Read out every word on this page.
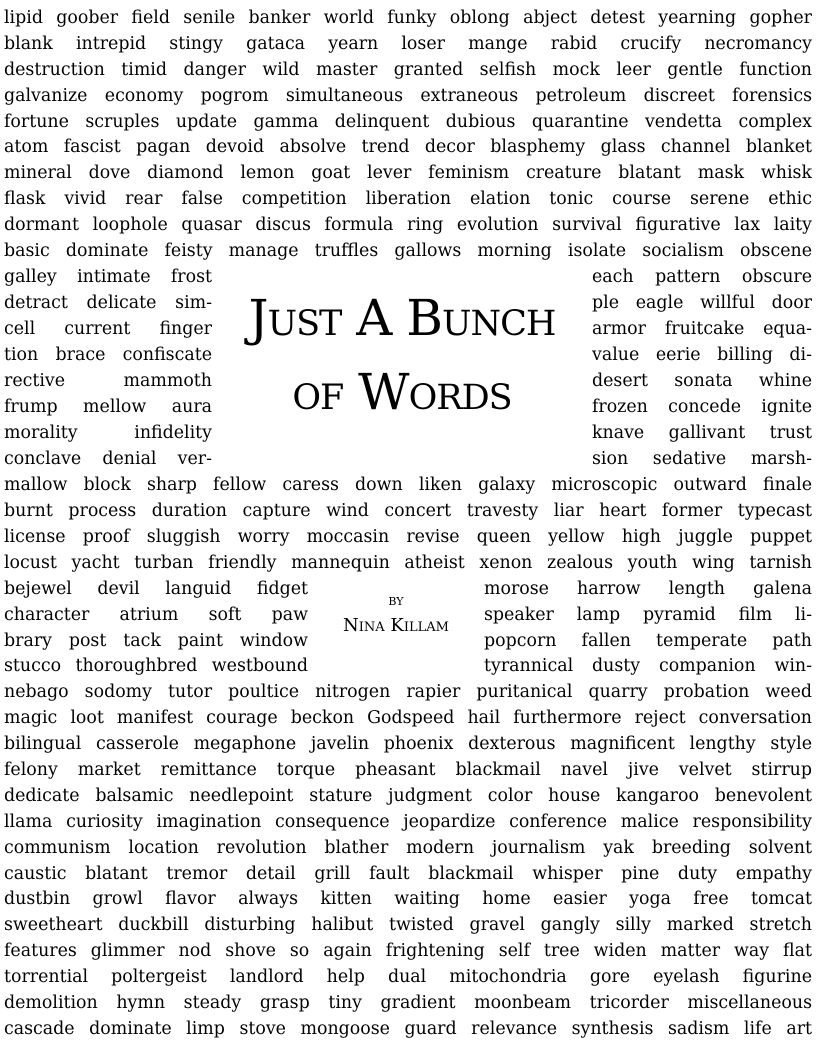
lipid goober field senile banker world funky oblong abject detest yearning gopher
blank intrepid stingy gataca yearn loser mange rabid crucify necromancy
destruction timid danger wild master granted selfish mock leer gentle function
galvanize economy pogrom simultaneous extraneous petroleum discreet forensics
fortune scruples update gamma delinquent dubious quarantine vendetta complex
atom fascist pagan devoid absolve trend decor blasphemy glass channel blanket
mineral dove diamond lemon goat lever feminism creature blatant mask whisk
flask vivid rear false competition liberation elation tonic course serene ethic
dormant loophole quasar discus formula ring evolution survival figurative lax laity
basic dominate feisty manage truffles gallows morning isolate socialism obscene
galley intimate frost
detract delicate sim-
cell current finger
tion brace confiscate
rective mammoth
frump mellow aura
morality infidelity
conclave denial ver-
each pattern obscure
ple eagle willful door
armor fruitcake equa-
value eerie billing di-
desert sonata whine
frozen concede ignite
knave gallivant trust
sion sedative marsh-
Just A Bunch
of Words
mallow block sharp fellow caress down liken galaxy microscopic outward finale
burnt process duration capture wind concert travesty liar heart former typecast
license proof sluggish worry moccasin revise queen yellow high juggle puppet
locust yacht turban friendly mannequin atheist xenon zealous youth wing tarnish
bejewel devil languid fidget
character atrium soft paw
brary post tack paint window
stucco thoroughbred westbound
morose harrow length galena
speaker lamp pyramid film li-
popcorn fallen temperate path
tyrannical dusty companion win-
by
Nina Killam
nebago sodomy tutor poultice nitrogen rapier puritanical quarry probation weed
magic loot manifest courage beckon Godspeed hail furthermore reject conversation
bilingual casserole megaphone javelin phoenix dexterous magnificent lengthy style
felony market remittance torque pheasant blackmail navel jive velvet stirrup
dedicate balsamic needlepoint stature judgment color house kangaroo benevolent
llama curiosity imagination consequence jeopardize conference malice responsibility
communism location revolution blather modern journalism yak breeding solvent
caustic blatant tremor detail grill fault blackmail whisper pine duty empathy
dustbin growl flavor always kitten waiting home easier yoga free tomcat
sweetheart duckbill disturbing halibut twisted gravel gangly silly marked stretch
features glimmer nod shove so again frightening self tree widen matter way flat
torrential poltergeist landlord help dual mitochondria gore eyelash figurine
demolition hymn steady grasp tiny gradient moonbeam tricorder miscellaneous
cascade dominate limp stove mongoose guard relevance synthesis sadism life art
